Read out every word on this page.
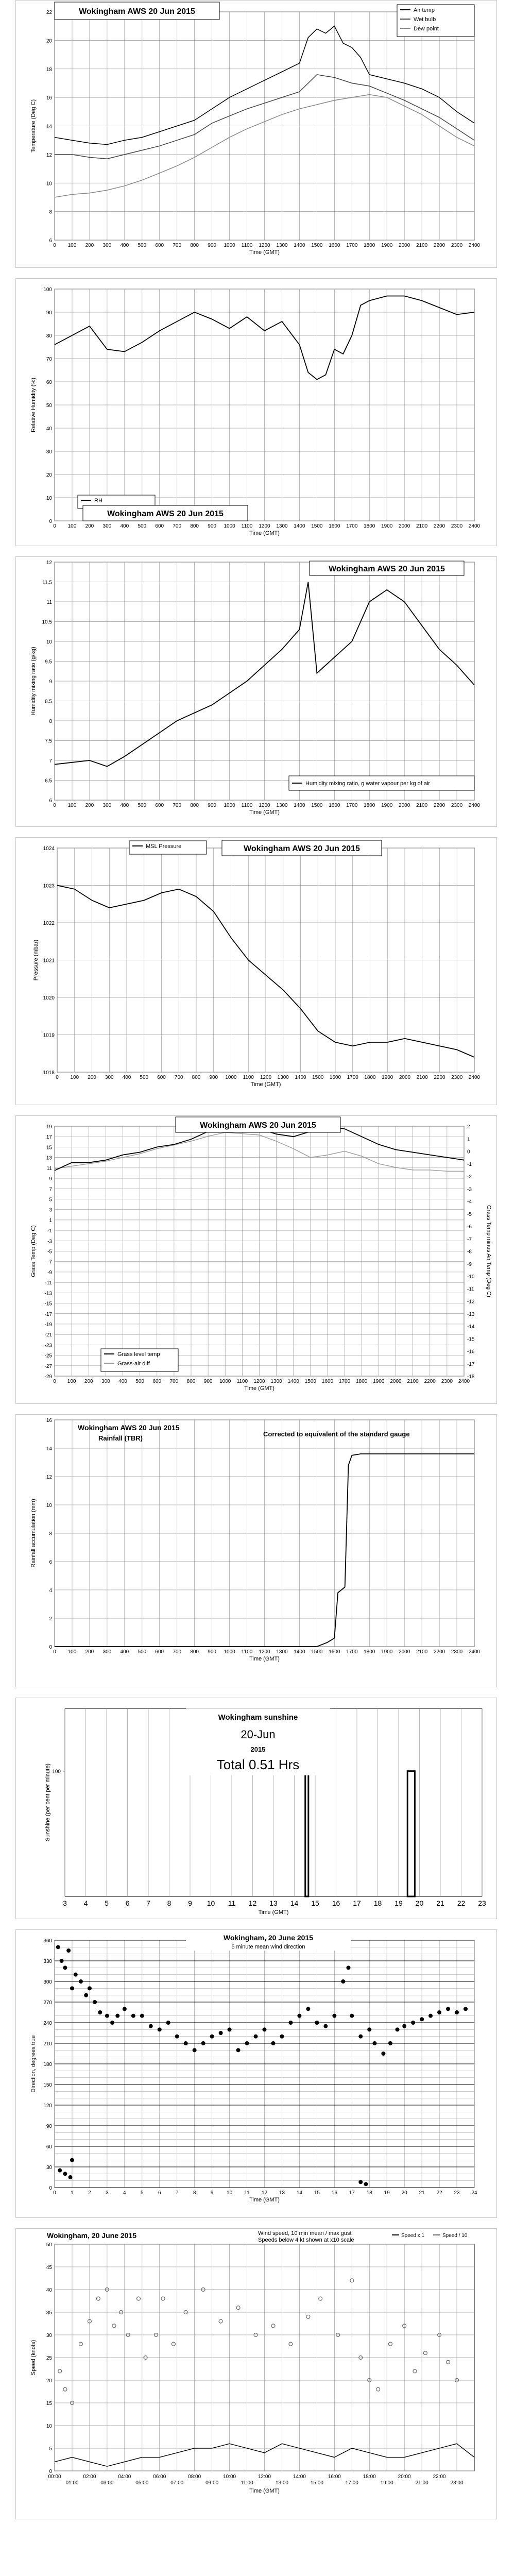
0 100 200 300 400 500 600 700 800 900 1000 1100 1200 1300 1400 1500 1600 1700 1800 1900 2000 2100 2200 2300 2400
6
8
10
12
14
16
18
20
22
Time (GMT)
Temperature (Deg C)
Wokingham AWS 20 Jun 2015	Air temp
Wet bulb
Dew point
0 100 200 300 400 500 600 700 800 900 1000 1100 1200 1300 1400 1500 1600 1700 1800 1900 2000 2100 2200 2300 2400
0
10
20
30
40
50
60
70
80
90
100
Time (GMT)
Relative Humidity (%)
RH
Wokingham AWS 20 Jun 2015
0 100 200 300 400 500 600 700 800 900 1000 1100 1200 1300 1400 1500 1600 1700 1800 1900 2000 2100 2200 2300 2400
6
6.5
7
7.5
8
8.5
9
9.5
10
10.5
11
11.5
12
Time (GMT)
Humidity mixing ratio (g/kg)
Wokingham AWS 20 Jun 2015
Humidity mixing ratio, g water vapour per kg of air
0 100 200 300 400 500 600 700 800 900 1000 1100 1200 1300 1400 1500 1600 1700 1800 1900 2000 2100 2200 2300 2400
1018
1019
1020
1021
1022
1023
1024
Time (GMT)
Pressure (mbar)
MSL Pressure	Wokingham AWS 20 Jun 2015
0 100 200 300 400 500 600 700 800 900 1000 1100 1200 1300 1400 1500 1600 1700 1800 1900 2000 2100 2200 2300 2400
-29
-27
-25
-23
-21
-19
-17
-15
-13
-11
-9
-7
-5
-3
-1
1
3
5
7
9
11
13
15
17
19
Time (GMT)
Grass Temp (Deg C)
-18
-17
-16
-15
-14
-13
-12
-11
-10
-9
-8
-7
-6
-5
-4
-3
-2
-1
0
1
2
Grass Temp minus Air Temp (Deg C)
Wokingham AWS 20 Jun 2015
Grass level temp
Grass-air diff
0 100 200 300 400 500 600 700 800 900 1000 1100 1200 1300 1400 1500 1600 1700 1800 1900 2000 2100 2200 2300 2400
0
2
4
6
8
10
12
14
16
Time (GMT)
Rainfall accumulation (mm)
Wokingham AWS 20 Jun 2015
Rainfall (TBR)
Corrected to equivalent of the standard gauge
3 4 5 6 7 8 9 10 11 12 13 14 15 16 17 18 19 20 21 22 23
100
Sunshine (per cent per minute)
Time (GMT)
Wokingham sunshine
20-Jun
2015
Total 0.51 Hrs
0	1	2	3	4	5	6	7	8	9	10 11 12 13 14 15 16 17 18 19 20 21 22 23 24
Time (GMT)
Direction, degrees true
0
30
60
90
120
150
180
210
240
270
300
330
360	Wokingham, 20 June 2015
5 minute mean wind direction
0
5
10
15
20
25
30
35
40
45
50
00:00
01:00
02:00
03:00
04:00
05:00
06:00
07:00
08:00
09:00
10:00
11:00
12:00
13:00
14:00
15:00
16:00
17:00
18:00
19:00
20:00
21:00
22:00
23:00
Time (GMT)
Speed (knots)
Wokingham, 20 June 2015	Wind speed, 10 min mean / max gust
Speeds below 4 kt shown at x10 scale
Speed x 1	Speed / 10
